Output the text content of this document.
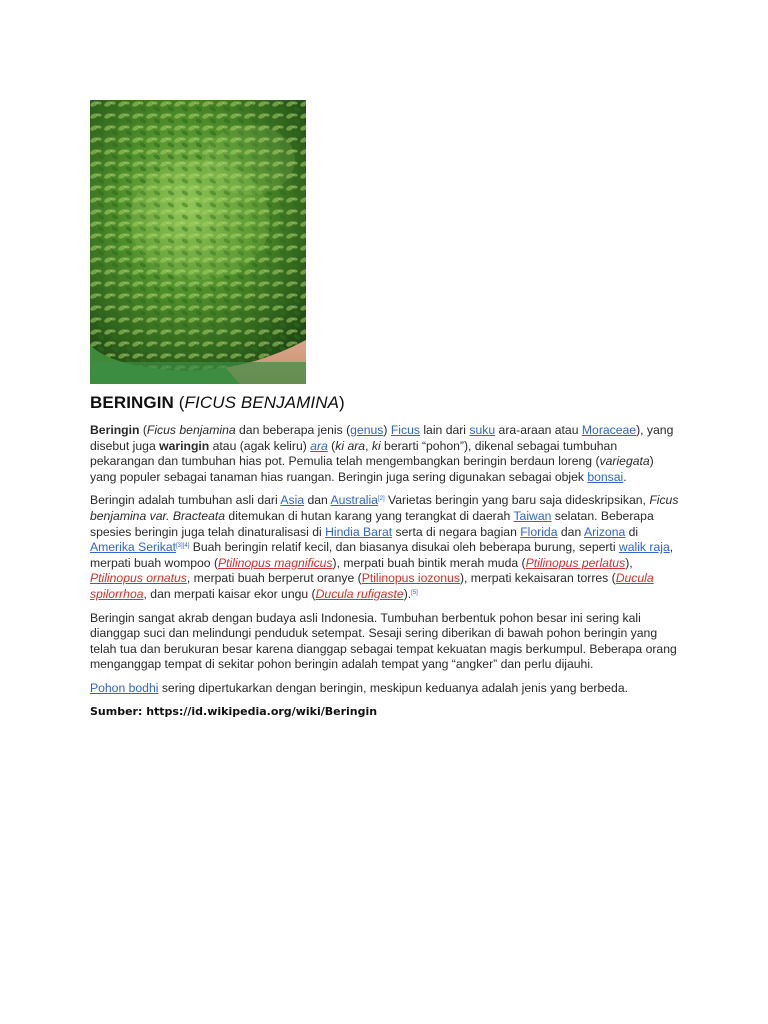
BERINGIN (FICUS BENJAMINA)

Beringin (Ficus benjamina dan beberapa jenis (genus) Ficus lain dari suku ara-araan atau Moraceae), yang disebut juga waringin atau (agak keliru) ara (ki ara, ki berarti “pohon”), dikenal sebagai tumbuhan pekarangan dan tumbuhan hias pot. Pemulia telah mengembangkan beringin berdaun loreng (variegata) yang populer sebagai tanaman hias ruangan. Beringin juga sering digunakan sebagai objek bonsai.

Beringin adalah tumbuhan asli dari Asia dan Australia[2] Varietas beringin yang baru saja dideskripsikan, Ficus benjamina var. Bracteata ditemukan di hutan karang yang terangkat di daerah Taiwan selatan. Beberapa spesies beringin juga telah dinaturalisasi di Hindia Barat serta di negara bagian Florida dan Arizona di Amerika Serikat[3][4] Buah beringin relatif kecil, dan biasanya disukai oleh beberapa burung, seperti walik raja, merpati buah wompoo (Ptilinopus magnificus), merpati buah bintik merah muda (Ptilinopus perlatus), Ptilinopus ornatus, merpati buah berperut oranye (Ptilinopus iozonus), merpati kekaisaran torres (Ducula spilorrhoa, dan merpati kaisar ekor ungu (Ducula rufigaste).[5]

Beringin sangat akrab dengan budaya asli Indonesia. Tumbuhan berbentuk pohon besar ini sering kali dianggap suci dan melindungi penduduk setempat. Sesaji sering diberikan di bawah pohon beringin yang telah tua dan berukuran besar karena dianggap sebagai tempat kekuatan magis berkumpul. Beberapa orang menganggap tempat di sekitar pohon beringin adalah tempat yang “angker” dan perlu dijauhi.

Pohon bodhi sering dipertukarkan dengan beringin, meskipun keduanya adalah jenis yang berbeda.

Sumber: https://id.wikipedia.org/wiki/Beringin
